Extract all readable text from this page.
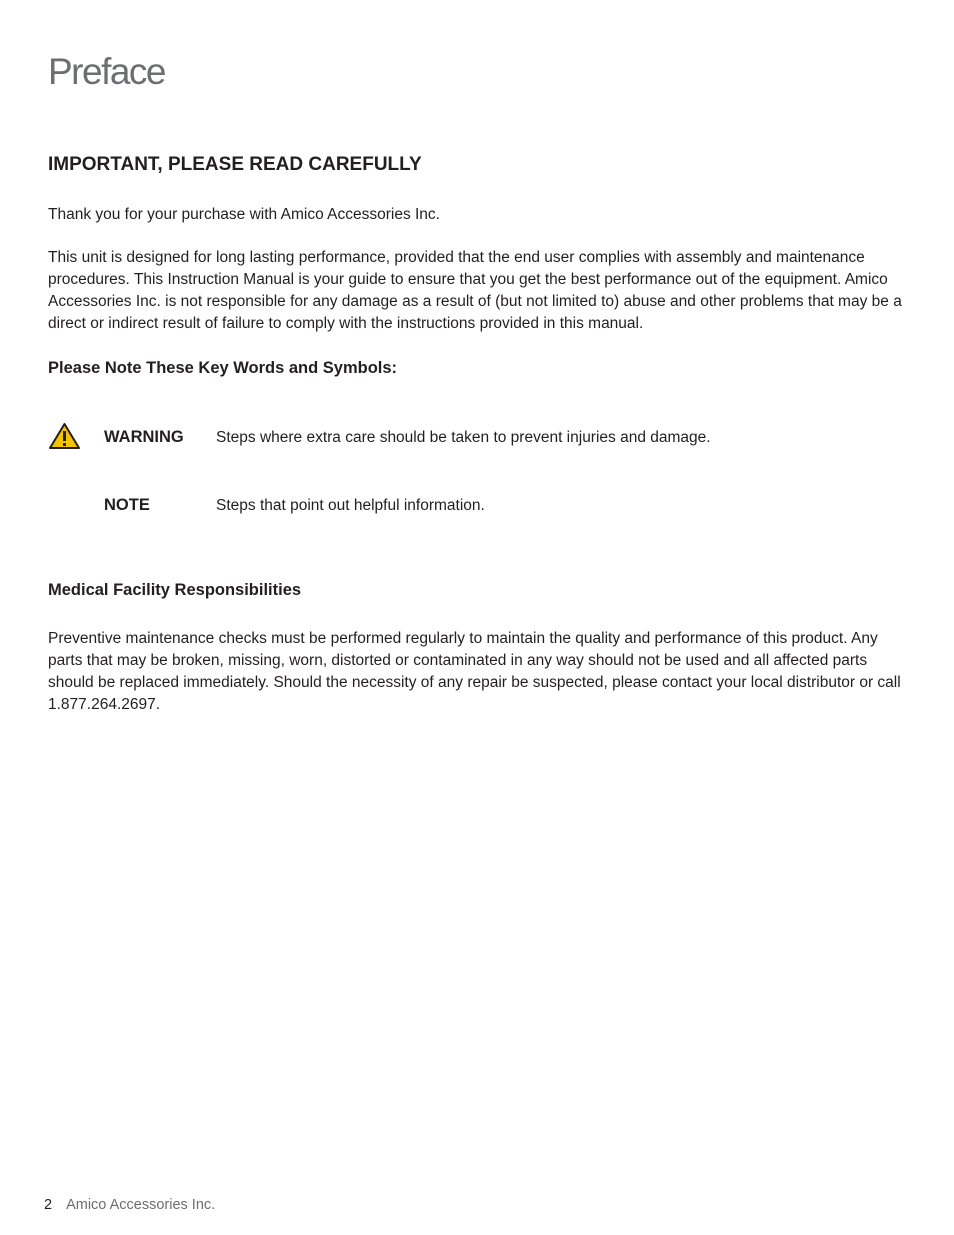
Preface
IMPORTANT, PLEASE READ CAREFULLY

Thank you for your purchase with Amico Accessories Inc.

This unit is designed for long lasting performance, provided that the end user complies with assembly and maintenance procedures. This Instruction Manual is your guide to ensure that you get the best performance out of the equipment. Amico Accessories Inc. is not responsible for any damage as a result of (but not limited to) abuse and other problems that may be a direct or indirect result of failure to comply with the instructions provided in this manual.

Please Note These Key Words and Symbols:
WARNING Steps where extra care should be taken to prevent injuries and damage.
NOTE	Steps that point out helpful information.
Medical Facility Responsibilities

Preventive maintenance checks must be performed regularly to maintain the quality and performance of this product. Any parts that may be broken, missing, worn, distorted or contaminated in any way should not be used and all affected parts should be replaced immediately. Should the necessity of any repair be suspected, please contact your local distributor or call 1.877.264.2697.

2 Amico Accessories Inc.
